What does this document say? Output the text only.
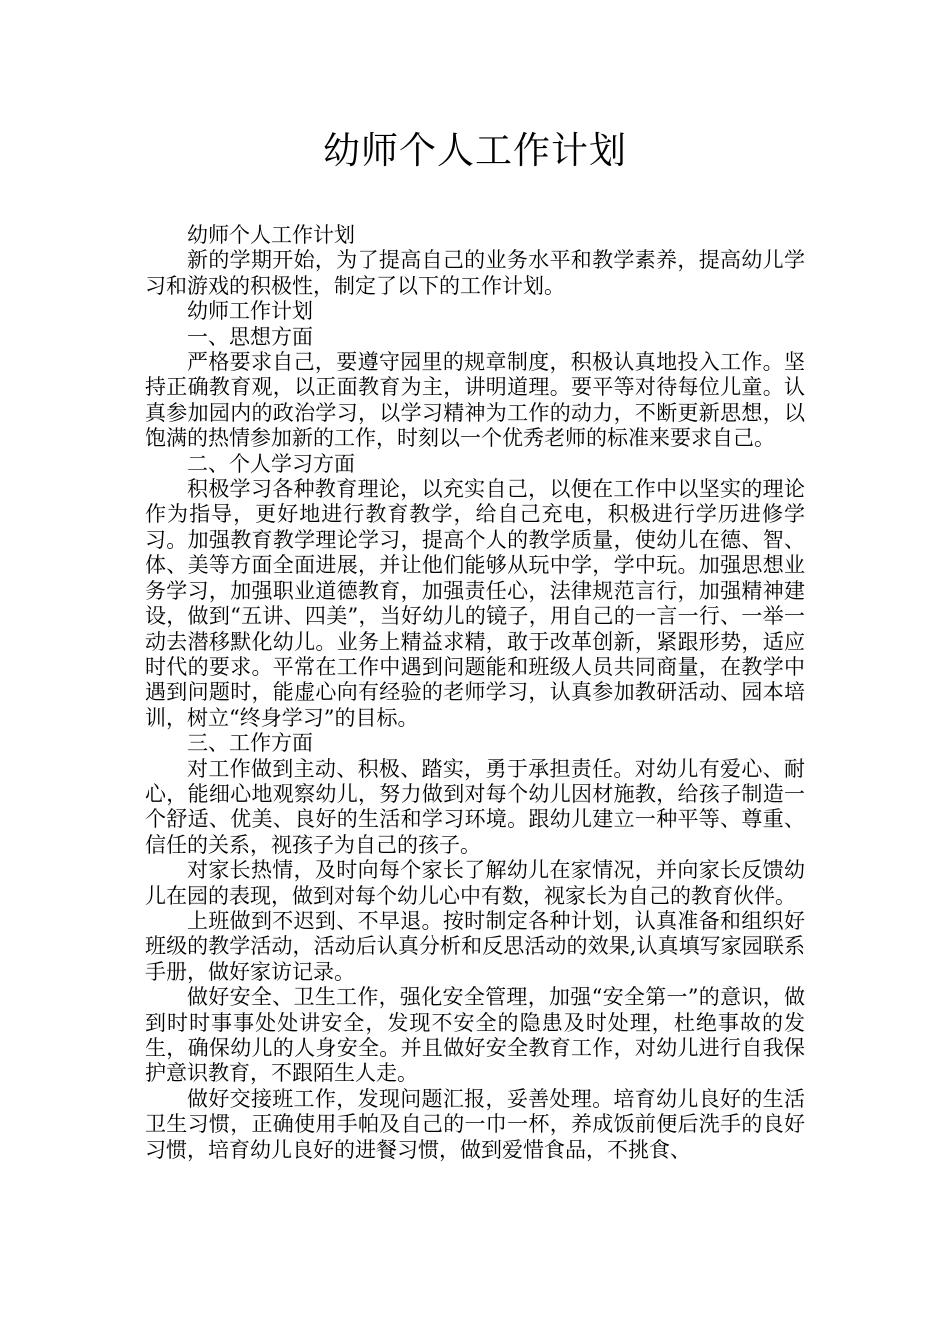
幼师个人工作计划

幼师个人工作计划

新的学期开始，为了提高自己的业务水平和教学素养，提高幼儿学习和游戏的积极性，制定了以下的工作计划。

幼师工作计划

一、思想方面

严格要求自己，要遵守园里的规章制度，积极认真地投入工作。坚持正确教育观，以正面教育为主，讲明道理。要平等对待每位儿童。认真参加园内的政治学习，以学习精神为工作的动力，不断更新思想，以饱满的热情参加新的工作，时刻以一个优秀老师的标准来要求自己。

二、个人学习方面

积极学习各种教育理论，以充实自己，以便在工作中以坚实的理论作为指导，更好地进行教育教学，给自己充电，积极进行学历进修学习。加强教育教学理论学习，提高个人的教学质量，使幼儿在德、智、体、美等方面全面进展，并让他们能够从玩中学，学中玩。加强思想业务学习，加强职业道德教育，加强责任心，法律规范言行，加强精神建设，做到“五讲、四美”，当好幼儿的镜子，用自己的一言一行、一举一动去潜移默化幼儿。业务上精益求精，敢于改革创新，紧跟形势，适应时代的要求。平常在工作中遇到问题能和班级人员共同商量，在教学中遇到问题时，能虚心向有经验的老师学习，认真参加教研活动、园本培训，树立“终身学习”的目标。

三、工作方面

对工作做到主动、积极、踏实，勇于承担责任。对幼儿有爱心、耐心，能细心地观察幼儿，努力做到对每个幼儿因材施教，给孩子制造一个舒适、优美、良好的生活和学习环境。跟幼儿建立一种平等、尊重、信任的关系，视孩子为自己的孩子。

对家长热情，及时向每个家长了解幼儿在家情况，并向家长反馈幼儿在园的表现，做到对每个幼儿心中有数，视家长为自己的教育伙伴。

上班做到不迟到、不早退。按时制定各种计划，认真准备和组织好班级的教学活动，活动后认真分析和反思活动的效果,认真填写家园联系手册，做好家访记录。

做好安全、卫生工作，强化安全管理，加强“安全第一”的意识，做到时时事事处处讲安全，发现不安全的隐患及时处理，杜绝事故的发生，确保幼儿的人身安全。并且做好安全教育工作，对幼儿进行自我保护意识教育，不跟陌生人走。

做好交接班工作，发现问题汇报，妥善处理。培育幼儿良好的生活卫生习惯，正确使用手帕及自己的一巾一杯，养成饭前便后洗手的良好习惯，培育幼儿良好的进餐习惯，做到爱惜食品，不挑食、
